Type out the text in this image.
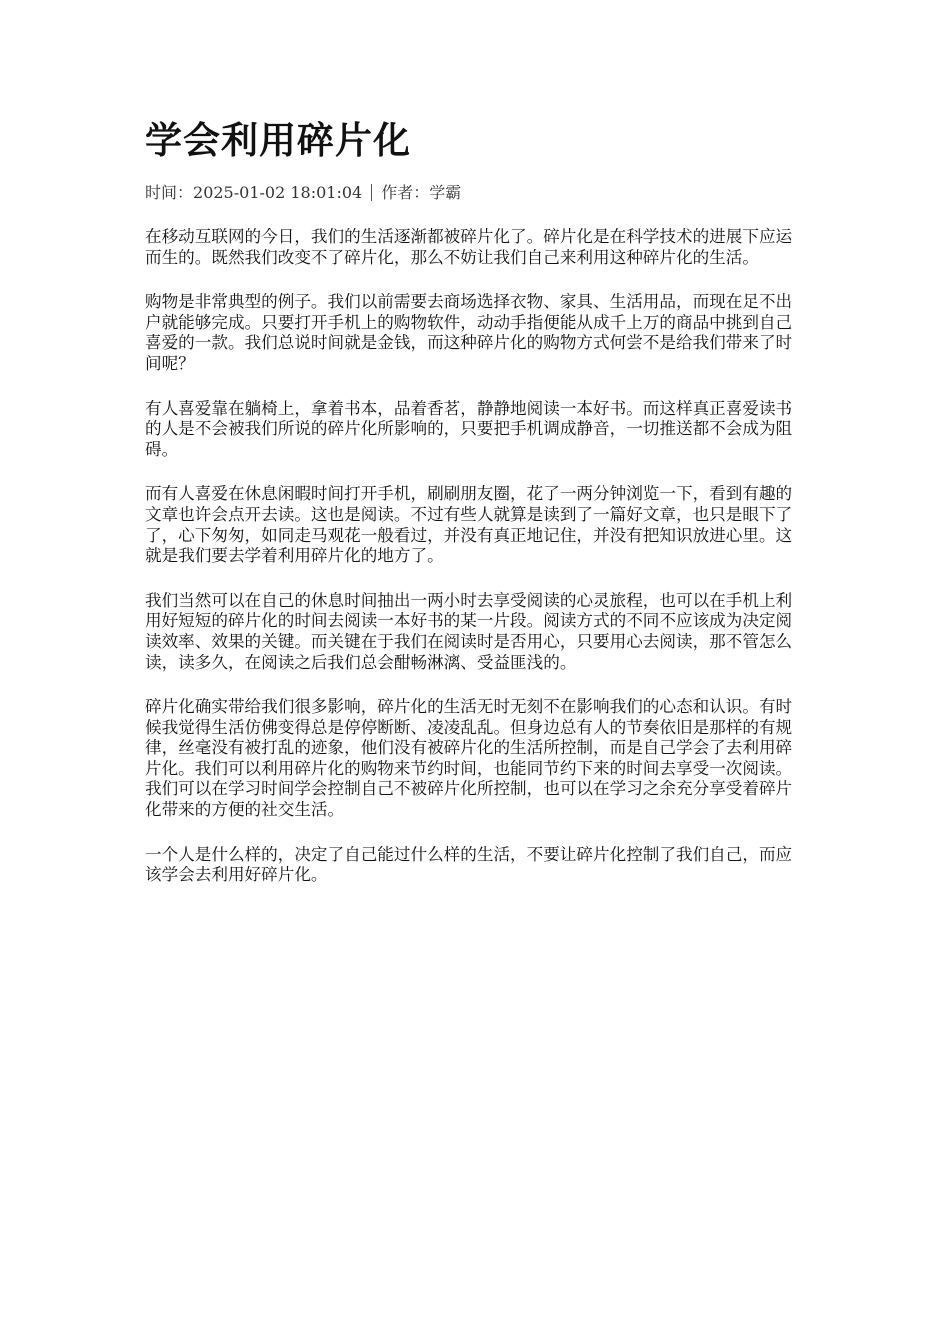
学会利用碎片化
时间：2025-01-02 18:01:04 作者：学霸

在移动互联网的今日，我们的生活逐渐都被碎片化了。碎片化是在科学技术的进展下应运而生的。既然我们改变不了碎片化，那么不妨让我们自己来利用这种碎片化的生活。

购物是非常典型的例子。我们以前需要去商场选择衣物、家具、生活用品，而现在足不出户就能够完成。只要打开手机上的购物软件，动动手指便能从成千上万的商品中挑到自己喜爱的一款。我们总说时间就是金钱，而这种碎片化的购物方式何尝不是给我们带来了时间呢？

有人喜爱靠在躺椅上，拿着书本，品着香茗，静静地阅读一本好书。而这样真正喜爱读书的人是不会被我们所说的碎片化所影响的，只要把手机调成静音，一切推送都不会成为阻碍。

而有人喜爱在休息闲暇时间打开手机，刷刷朋友圈，花了一两分钟浏览一下，看到有趣的文章也许会点开去读。这也是阅读。不过有些人就算是读到了一篇好文章，也只是眼下了了，心下匆匆，如同走马观花一般看过，并没有真正地记住，并没有把知识放进心里。这就是我们要去学着利用碎片化的地方了。

我们当然可以在自己的休息时间抽出一两小时去享受阅读的心灵旅程，也可以在手机上利用好短短的碎片化的时间去阅读一本好书的某一片段。阅读方式的不同不应该成为决定阅读效率、效果的关键。而关键在于我们在阅读时是否用心，只要用心去阅读，那不管怎么读，读多久，在阅读之后我们总会酣畅淋漓、受益匪浅的。

碎片化确实带给我们很多影响，碎片化的生活无时无刻不在影响我们的心态和认识。有时候我觉得生活仿佛变得总是停停断断、凌凌乱乱。但身边总有人的节奏依旧是那样的有规律，丝毫没有被打乱的迹象，他们没有被碎片化的生活所控制，而是自己学会了去利用碎片化。我们可以利用碎片化的购物来节约时间，也能同节约下来的时间去享受一次阅读。我们可以在学习时间学会控制自己不被碎片化所控制，也可以在学习之余充分享受着碎片化带来的方便的社交生活。

一个人是什么样的，决定了自己能过什么样的生活，不要让碎片化控制了我们自己，而应该学会去利用好碎片化。
